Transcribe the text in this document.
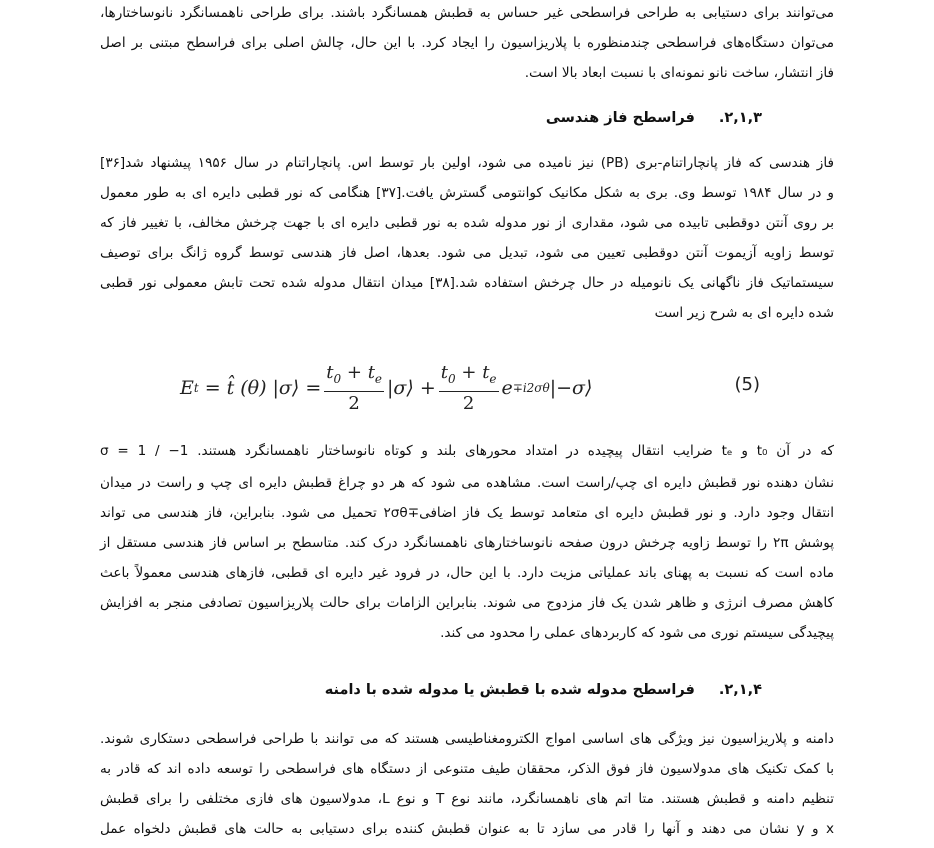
می‌توانند برای دستیابی به طراحی فراسطحی غیر حساس به قطبش همسانگرد باشند. برای طراحی ناهمسانگرد نانوساختارها،
می‌توان دستگاه‌های فراسطحی چندمنظوره با پلاریزاسیون را ایجاد کرد. با این حال، چالش اصلی برای فراسطح مبتنی بر اصل
فاز انتشار، ساخت نانو نمونه‌ای با نسبت ابعاد بالا است.
۲,۱,۳.فراسطح فاز هندسی
فاز هندسی که فاز پانچاراتنام-بری (PB) نیز نامیده می شود، اولین بار توسط اس. پانچاراتنام در سال ۱۹۵۶ پیشنهاد شد[۳۶]
و در سال ۱۹۸۴ توسط وی. بری به شکل مکانیک کوانتومی گسترش یافت.[۳۷] هنگامی که نور قطبی دایره ای به طور معمول
بر روی آنتن دوقطبی تابیده می شود، مقداری از نور مدوله شده به نور قطبی دایره ای با جهت چرخش مخالف، با تغییر فاز که
توسط زاویه آزیموت آنتن دوقطبی تعیین می شود، تبدیل می شود. بعدها، اصل فاز هندسی توسط گروه ژانگ برای توصیف
سیستماتیک فاز ناگهانی یک نانومیله در حال چرخش استفاده شد.[۳۸] میدان انتقال مدوله شده تحت تابش معمولی نور قطبی
شده دایره ای به شرح زیر است
E t = t̂ (θ) |σ⟩ = $\frac{t_0 + t_e}{2}$ |σ⟩ + $\frac{t_0 + t_e}{2}$ e ∓i2σθ |−σ⟩	(5)
که در آن t₀ و tₑ ضرایب انتقال پیچیده در امتداد محورهای بلند و کوتاه نانوساختار ناهمسانگرد هستند. σ = 1 / −1
نشان دهنده نور قطبش دایره ای چپ/راست است. مشاهده می شود که هر دو چراغ قطبش دایره ای چپ و راست در میدان
انتقال وجود دارد. و نور قطبش دایره ای متعامد توسط یک فاز اضافی∓۲σθ تحمیل می شود. بنابراین، فاز هندسی می تواند
پوشش ۲π را توسط زاویه چرخش درون صفحه نانوساختارهای ناهمسانگرد درک کند. متاسطح بر اساس فاز هندسی مستقل از
ماده است که نسبت به پهنای باند عملیاتی مزیت دارد. با این حال، در فرود غیر دایره ای قطبی، فازهای هندسی معمولاً باعث
کاهش مصرف انرژی و ظاهر شدن یک فاز مزدوج می شوند. بنابراین الزامات برای حالت پلاریزاسیون تصادفی منجر به افزایش
پیچیدگی سیستم نوری می شود که کاربردهای عملی را محدود می کند.
۲,۱,۴.فراسطح مدوله شده با قطبش یا مدوله شده با دامنه
دامنه و پلاریزاسیون نیز ویژگی های اساسی امواج الکترومغناطیسی هستند که می توانند با طراحی فراسطحی دستکاری شوند.
با کمک تکنیک های مدولاسیون فاز فوق الذکر، محققان طیف متنوعی از دستگاه های فراسطحی را توسعه داده اند که قادر به
تنظیم دامنه و قطبش هستند. متا اتم های ناهمسانگرد، مانند نوع T و نوع L، مدولاسیون های فازی مختلفی را برای قطبش
x و y نشان می دهند و آنها را قادر می سازد تا به عنوان قطبش کننده برای دستیابی به حالت های قطبش دلخواه عمل
